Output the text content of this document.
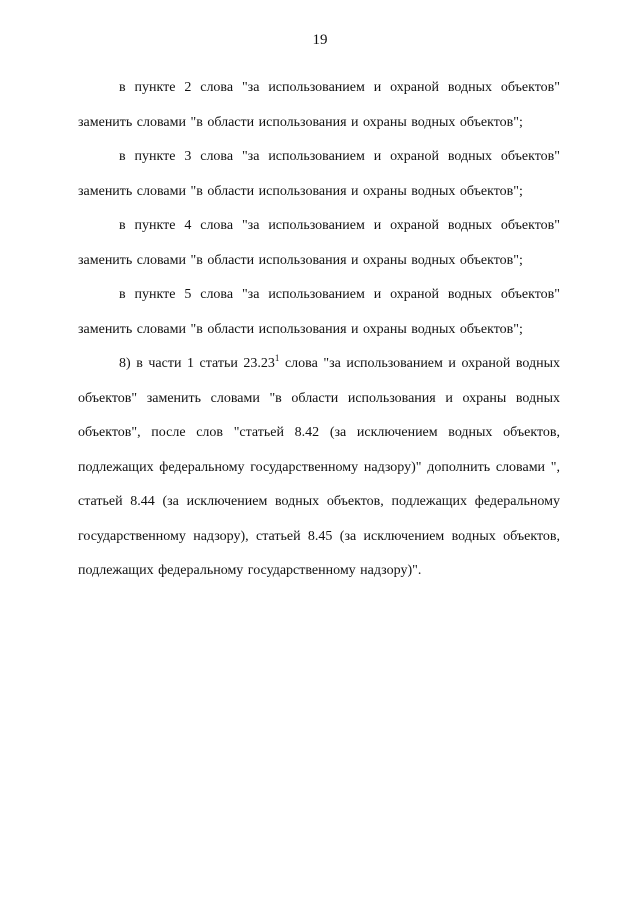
19

в пункте 2 слова "за использованием и охраной водных объектов" заменить словами "в области использования и охраны водных объектов";

в пункте 3 слова "за использованием и охраной водных объектов" заменить словами "в области использования и охраны водных объектов";

в пункте 4 слова "за использованием и охраной водных объектов" заменить словами "в области использования и охраны водных объектов";

в пункте 5 слова "за использованием и охраной водных объектов" заменить словами "в области использования и охраны водных объектов";

8) в части 1 статьи 23.23$^1$ слова "за использованием и охраной водных объектов" заменить словами "в области использования и охраны водных объектов", после слов "статьей 8.42 (за исключением водных объектов, подлежащих федеральному государственному надзору)" дополнить словами ", статьей 8.44 (за исключением водных объектов, подлежащих федеральному государственному надзору), статьей 8.45 (за исключением водных объектов, подлежащих федеральному государственному надзору)".
